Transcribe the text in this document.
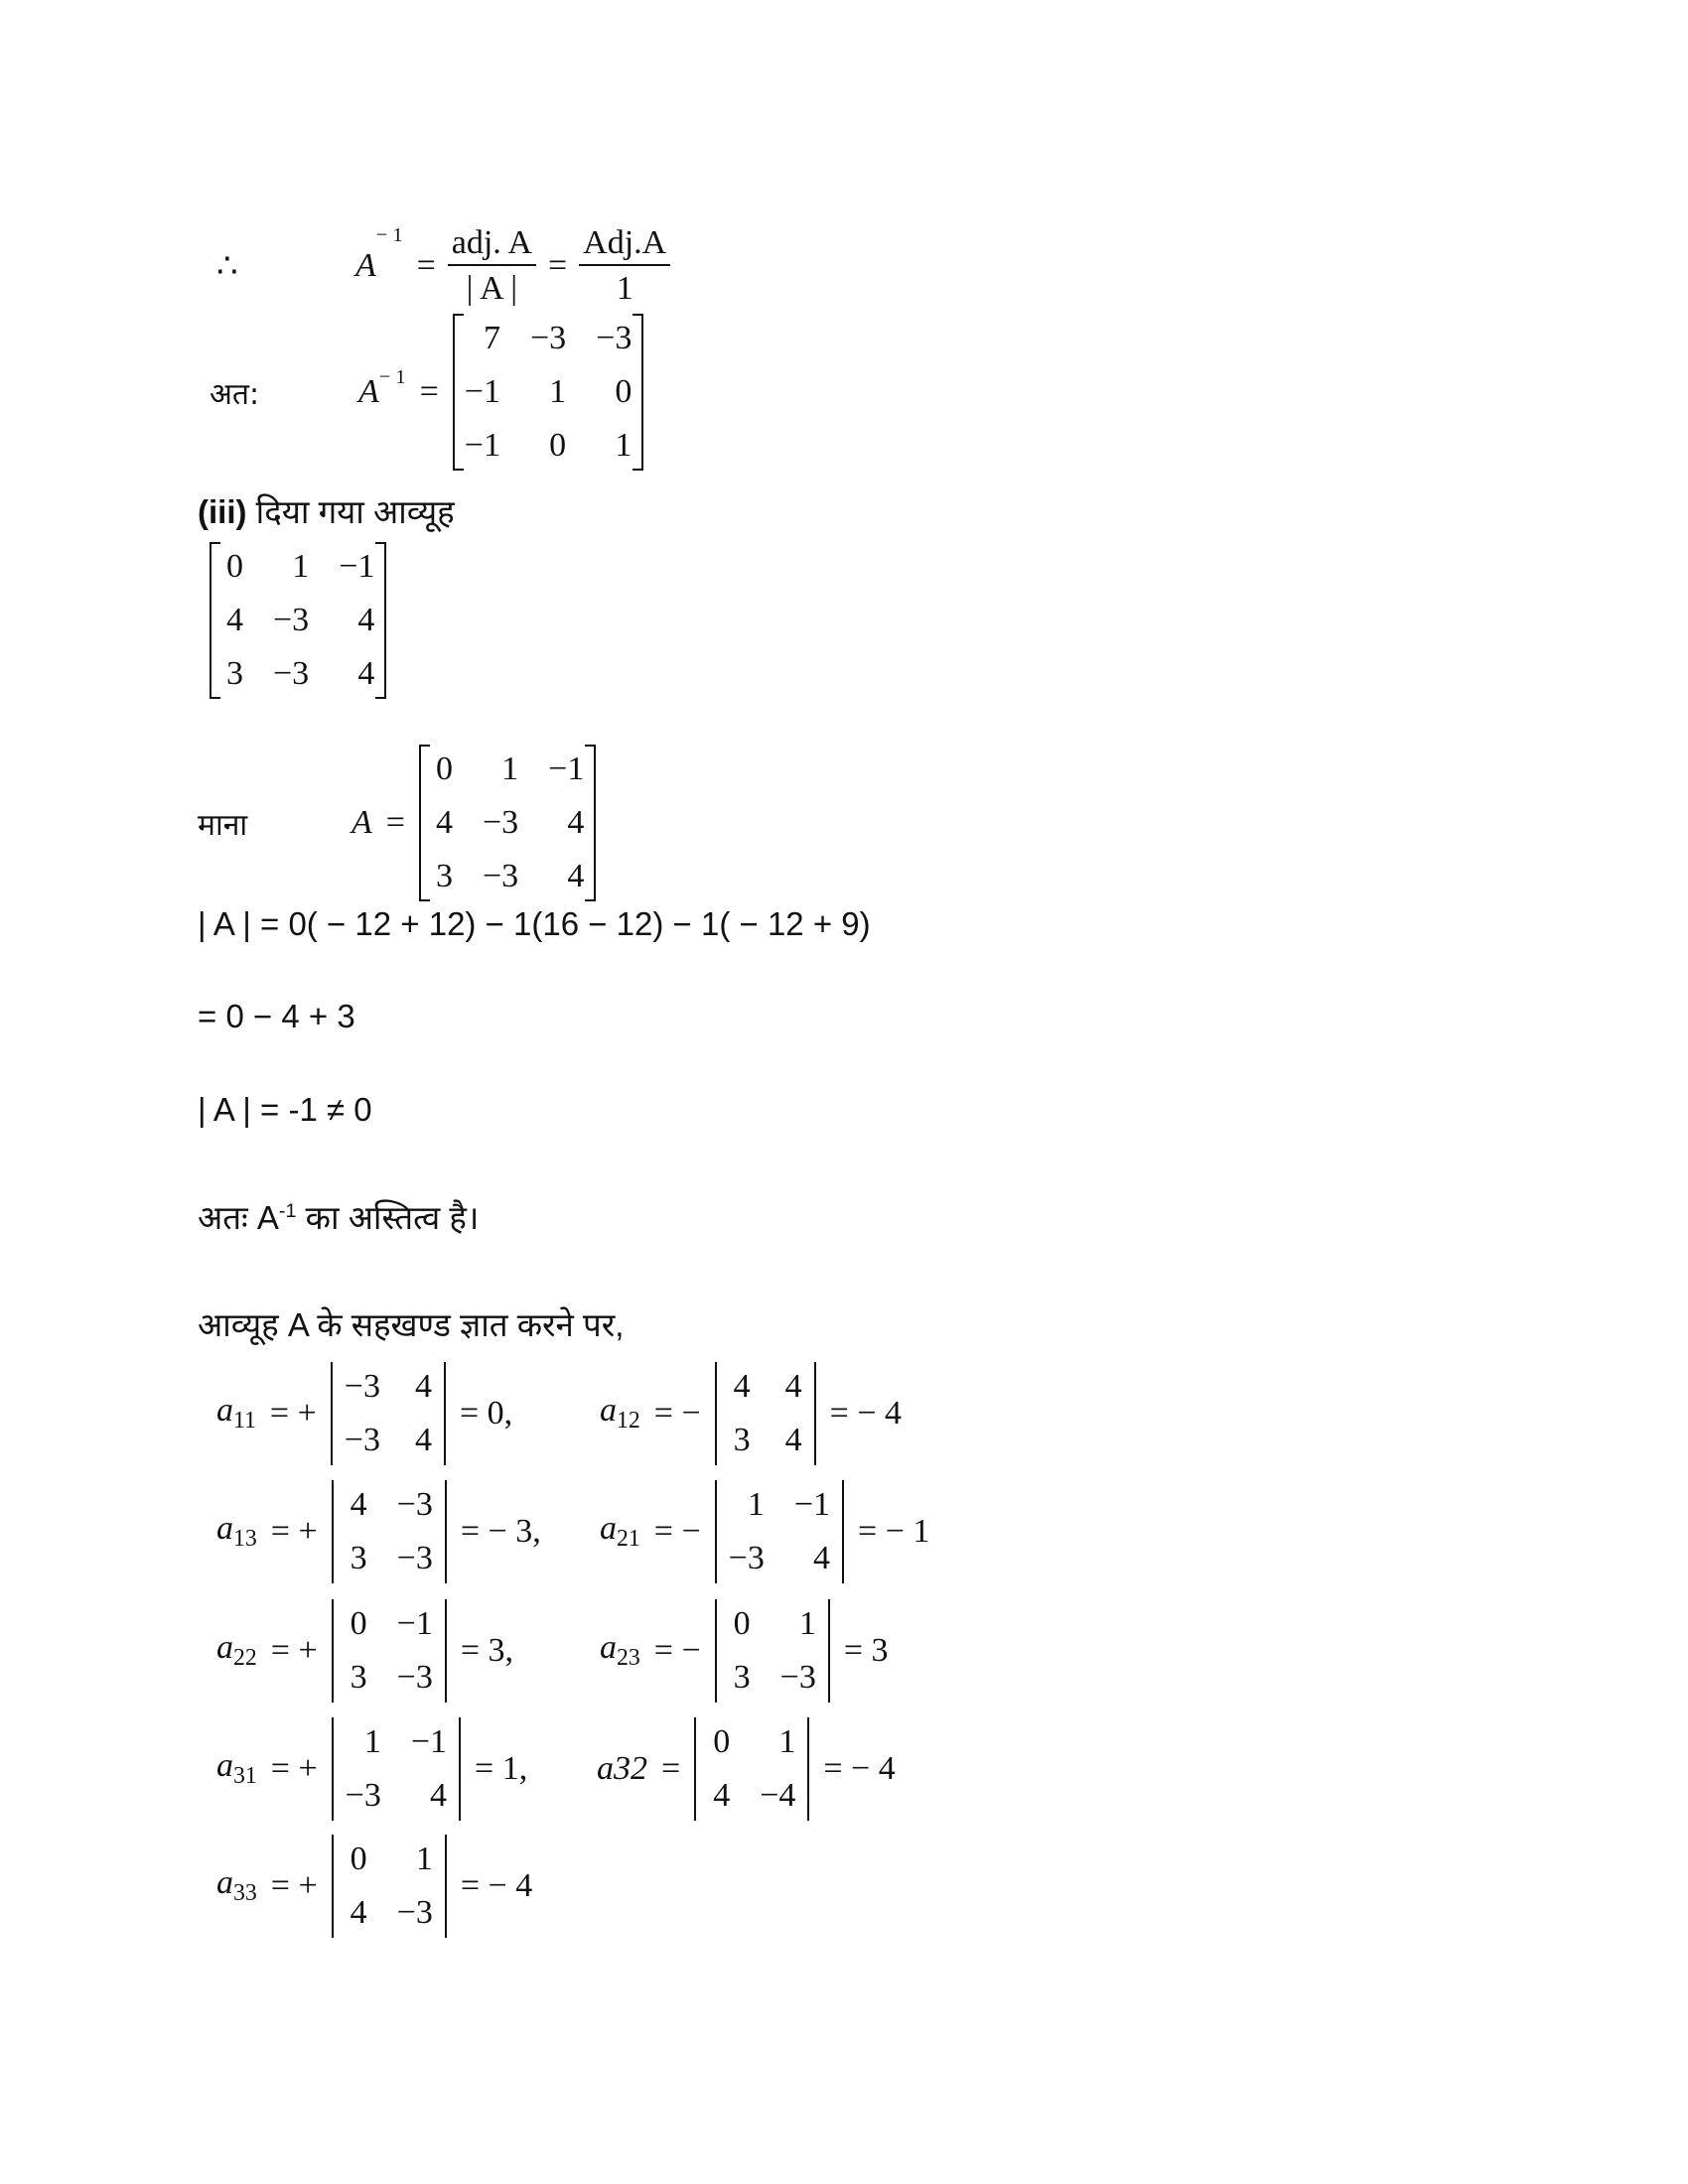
∴	A
− 1
= $\frac{\text{adj. A}}{| A |} = \frac{\text{Adj.A}}{1}$
अत:	$A^{- 1}$ =
7 −3 −3
−1	1	0
−1	0	1
(iii) दिया गया आव्यूह
0	1 −1
4 −3	4
3 −3	4
माना	A =
0	1 −1
4 −3	4
3 −3	4
| A | = 0( − 12 + 12) − 1(16 − 12) − 1( − 12 + 9)
= 0 − 4 + 3
| A | = -1 ≠ 0
अतः $A^{-1}$ का अस्तित्व है।
आव्यूह A के सहखण्ड ज्ञात करने पर,
$a_{11}$ = +
−3 4
−3 4
= 0,	$a_{12}$ = −
4 4
3 4
= − 4
$a_{13}$ = +
4 −3
3 −3
= − 3, $a_{21}$ = −
1 −1
−3	4
= − 1
$a_{22}$ = +
0 −1
3 −3
= 3,	$a_{23}$ = −
0	1
3 −3
= 3
$a_{31}$ = +
1 −1
−3	4
= 1, a32 =
0	1
4 −4
= − 4
$a_{33}$ = +
0	1
4 −3
= − 4
